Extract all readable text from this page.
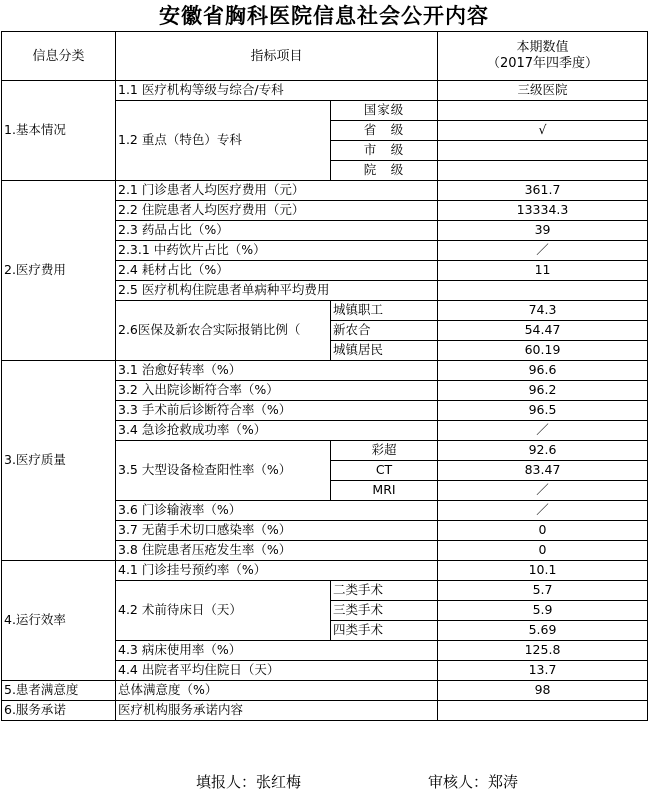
安徽省胸科医院信息社会公开内容
信息分类	指标项目		本期数值
（2017年四季度）

1.基本情况	1.1 医疗机构等级与综合/专科		三级医院
	1.2 重点（特色）专科	国家级	
		省　级	√
		市　级	
		院　级	
2.医疗费用	2.1 门诊患者人均医疗费用（元）		361.7
	2.2 住院患者人均医疗费用（元）		13334.3
	2.3 药品占比（%）		39
	2.3.1 中药饮片占比（%）		／
	2.4 耗材占比（%）		11
	2.5 医疗机构住院患者单病种平均费用		
	2.6医保及新农合实际报销比例（	城镇职工	74.3
		新农合	54.47
		城镇居民	60.19
3.医疗质量	3.1 治愈好转率（%）		96.6
	3.2 入出院诊断符合率（%）		96.2
	3.3 手术前后诊断符合率（%）		96.5
	3.4 急诊抢救成功率（%）		／
	3.5 大型设备检查阳性率（%）	彩超	92.6
		CT	83.47
		MRI	／
	3.6 门诊输液率（%）		／
	3.7 无菌手术切口感染率（%）		0
	3.8 住院患者压疮发生率（%）		0
4.运行效率	4.1 门诊挂号预约率（%）		10.1
	4.2 术前待床日（天）	二类手术	5.7
		三类手术	5.9
		四类手术	5.69
	4.3 病床使用率（%）		125.8
	4.4 出院者平均住院日（天）		13.7
5.患者满意度	总体满意度（%）		98
6.服务承诺	医疗机构服务承诺内容		
填报人：张红梅	审核人：郑涛
